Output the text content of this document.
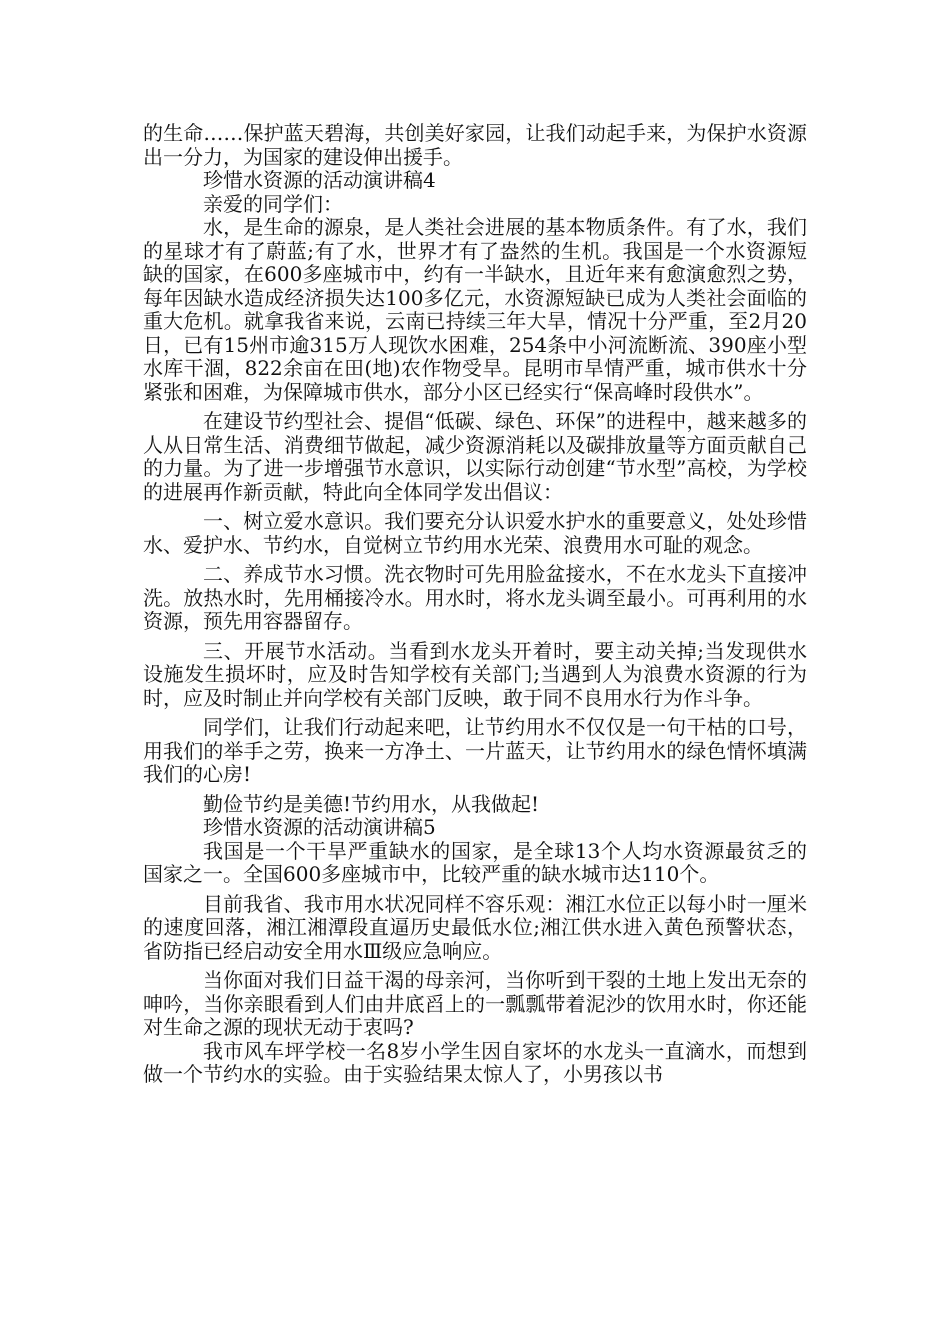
的生命……保护蓝天碧海，共创美好家园，让我们动起手来，为保护水资源出一分力，为国家的建设伸出援手。

珍惜水资源的活动演讲稿4

亲爱的同学们：

水，是生命的源泉，是人类社会进展的基本物质条件。有了水，我们的星球才有了蔚蓝;有了水，世界才有了盎然的生机。我国是一个水资源短缺的国家，在600多座城市中，约有一半缺水，且近年来有愈演愈烈之势，每年因缺水造成经济损失达100多亿元，水资源短缺已成为人类社会面临的重大危机。就拿我省来说，云南已持续三年大旱，情况十分严重，至2月20日，已有15州市逾315万人现饮水困难，254条中小河流断流、390座小型水库干涸，822余亩在田(地)农作物受旱。昆明市旱情严重，城市供水十分紧张和困难，为保障城市供水，部分小区已经实行“保高峰时段供水”。

在建设节约型社会、提倡“低碳、绿色、环保”的进程中，越来越多的人从日常生活、消费细节做起，减少资源消耗以及碳排放量等方面贡献自己的力量。为了进一步增强节水意识，以实际行动创建“节水型”高校，为学校的进展再作新贡献，特此向全体同学发出倡议：

一、树立爱水意识。我们要充分认识爱水护水的重要意义，处处珍惜水、爱护水、节约水，自觉树立节约用水光荣、浪费用水可耻的观念。

二、养成节水习惯。洗衣物时可先用脸盆接水，不在水龙头下直接冲洗。放热水时，先用桶接冷水。用水时，将水龙头调至最小。可再利用的水资源，预先用容器留存。

三、开展节水活动。当看到水龙头开着时，要主动关掉;当发现供水设施发生损坏时，应及时告知学校有关部门;当遇到人为浪费水资源的行为时，应及时制止并向学校有关部门反映，敢于同不良用水行为作斗争。

同学们，让我们行动起来吧，让节约用水不仅仅是一句干枯的口号，用我们的举手之劳，换来一方净土、一片蓝天，让节约用水的绿色情怀填满我们的心房!

勤俭节约是美德!节约用水，从我做起!

珍惜水资源的活动演讲稿5

我国是一个干旱严重缺水的国家，是全球13个人均水资源最贫乏的国家之一。全国600多座城市中，比较严重的缺水城市达110个。

目前我省、我市用水状况同样不容乐观：湘江水位正以每小时一厘米的速度回落，湘江湘潭段直逼历史最低水位;湘江供水进入黄色预警状态，省防指已经启动安全用水Ⅲ级应急响应。

当你面对我们日益干渴的母亲河，当你听到干裂的土地上发出无奈的呻吟，当你亲眼看到人们由井底舀上的一瓢瓢带着泥沙的饮用水时，你还能对生命之源的现状无动于衷吗?

我市风车坪学校一名8岁小学生因自家坏的水龙头一直滴水，而想到做一个节约水的实验。由于实验结果太惊人了，小男孩以书
